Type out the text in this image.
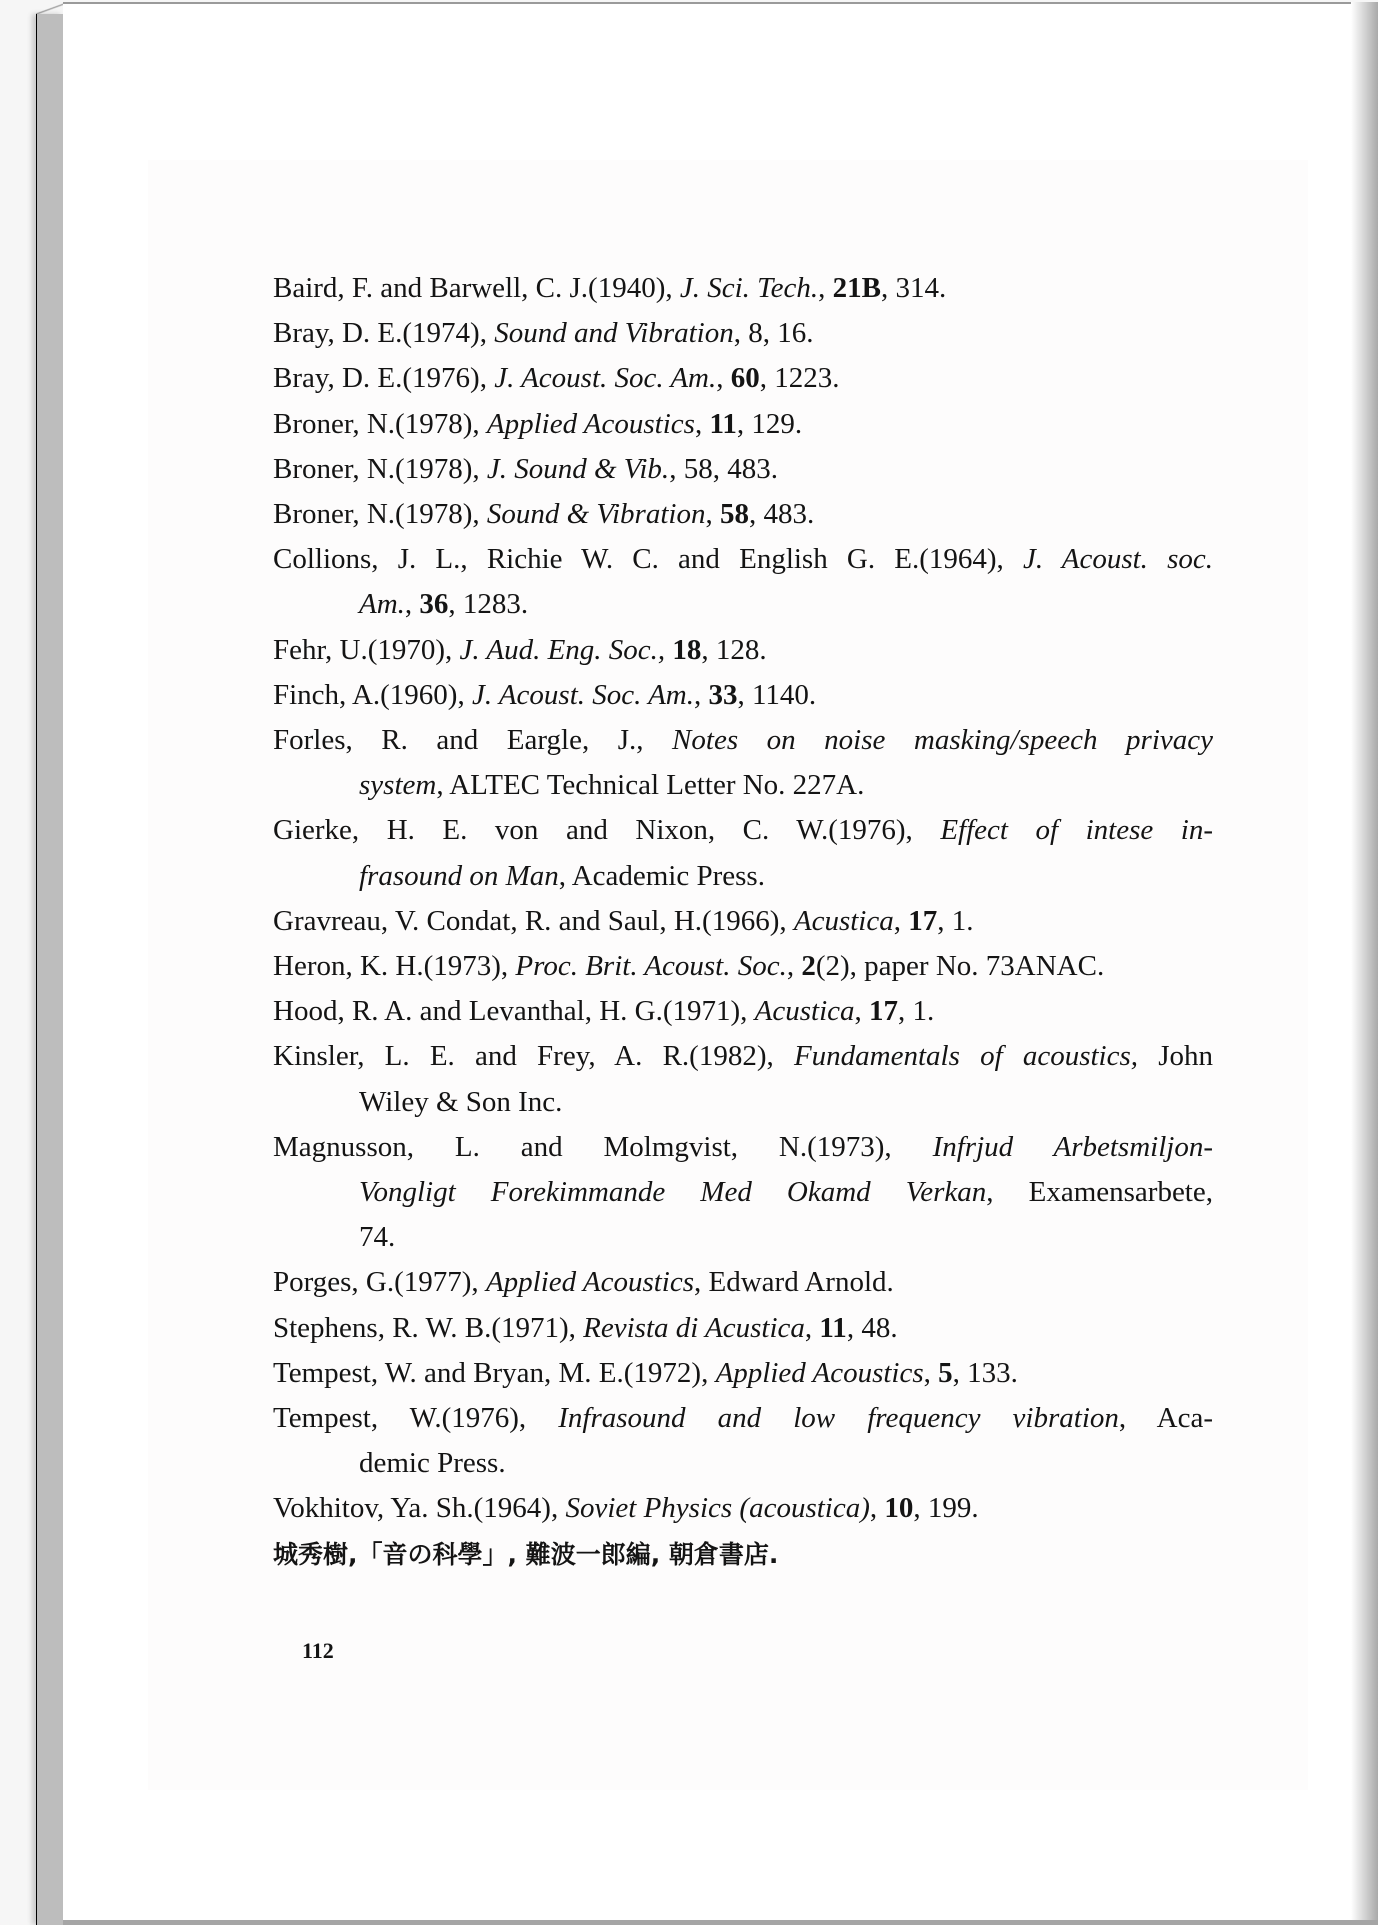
Baird, F. and Barwell, C. J.(1940), J. Sci. Tech., 21B, 314.
Bray, D. E.(1974), Sound and Vibration, 8, 16.
Bray, D. E.(1976), J. Acoust. Soc. Am., 60, 1223.
Broner, N.(1978), Applied Acoustics, 11, 129.
Broner, N.(1978), J. Sound & Vib., 58, 483.
Broner, N.(1978), Sound & Vibration, 58, 483.
Collions, J. L., Richie W. C. and English G. E.(1964), J. Acoust. soc.
Am., 36, 1283.
Fehr, U.(1970), J. Aud. Eng. Soc., 18, 128.
Finch, A.(1960), J. Acoust. Soc. Am., 33, 1140.
Forles, R. and Eargle, J., Notes on noise masking/speech privacy
system, ALTEC Technical Letter No. 227A.
Gierke, H. E. von and Nixon, C. W.(1976), Effect of intese in-
frasound on Man, Academic Press.
Gravreau, V. Condat, R. and Saul, H.(1966), Acustica, 17, 1.
Heron, K. H.(1973), Proc. Brit. Acoust. Soc., 2(2), paper No. 73ANAC.
Hood, R. A. and Levanthal, H. G.(1971), Acustica, 17, 1.
Kinsler, L. E. and Frey, A. R.(1982), Fundamentals of acoustics, John
Wiley & Son Inc.
Magnusson, L. and Molmgvist, N.(1973), Infrjud Arbetsmiljon-
Vongligt Forekimmande Med Okamd Verkan, Examensarbete,
74.
Porges, G.(1977), Applied Acoustics, Edward Arnold.
Stephens, R. W. B.(1971), Revista di Acustica, 11, 48.
Tempest, W. and Bryan, M. E.(1972), Applied Acoustics, 5, 133.
Tempest, W.(1976), Infrasound and low frequency vibration, Aca-
demic Press.
Vokhitov, Ya. Sh.(1964), Soviet Physics (acoustica), 10, 199.
城秀樹,「音の科學」, 難波一郎編, 朝倉書店.
112
